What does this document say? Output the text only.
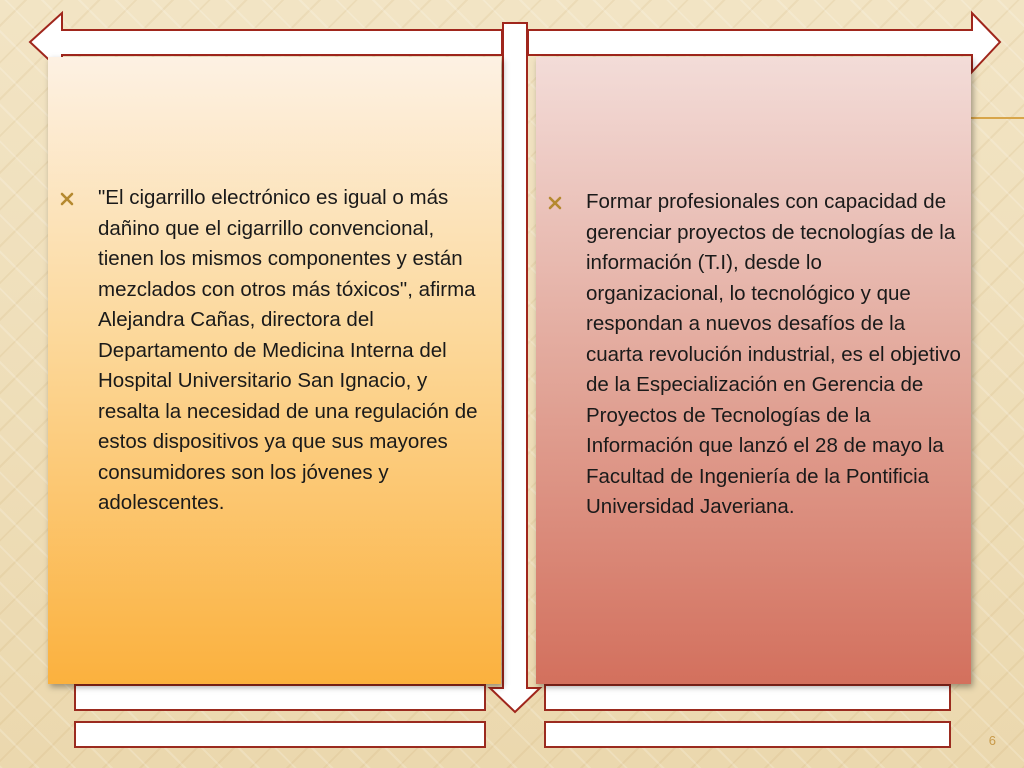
"El cigarrillo electrónico es igual o más dañino que el cigarrillo convencional, tienen los mismos componentes y están mezclados con otros más tóxicos", afirma Alejandra Cañas, directora del Departamento de Medicina Interna del Hospital Universitario San Ignacio, y resalta la necesidad de una regulación de estos dispositivos ya que sus mayores consumidores son los jóvenes y adolescentes.

Formar profesionales con capacidad de gerenciar proyectos de tecnologías de la información (T.I), desde lo organizacional, lo tecnológico y que respondan a nuevos desafíos de la cuarta revolución industrial, es el objetivo de la Especialización en Gerencia de Proyectos de Tecnologías de la Información que lanzó el 28 de mayo la Facultad de Ingeniería de la Pontificia Universidad Javeriana.

6
